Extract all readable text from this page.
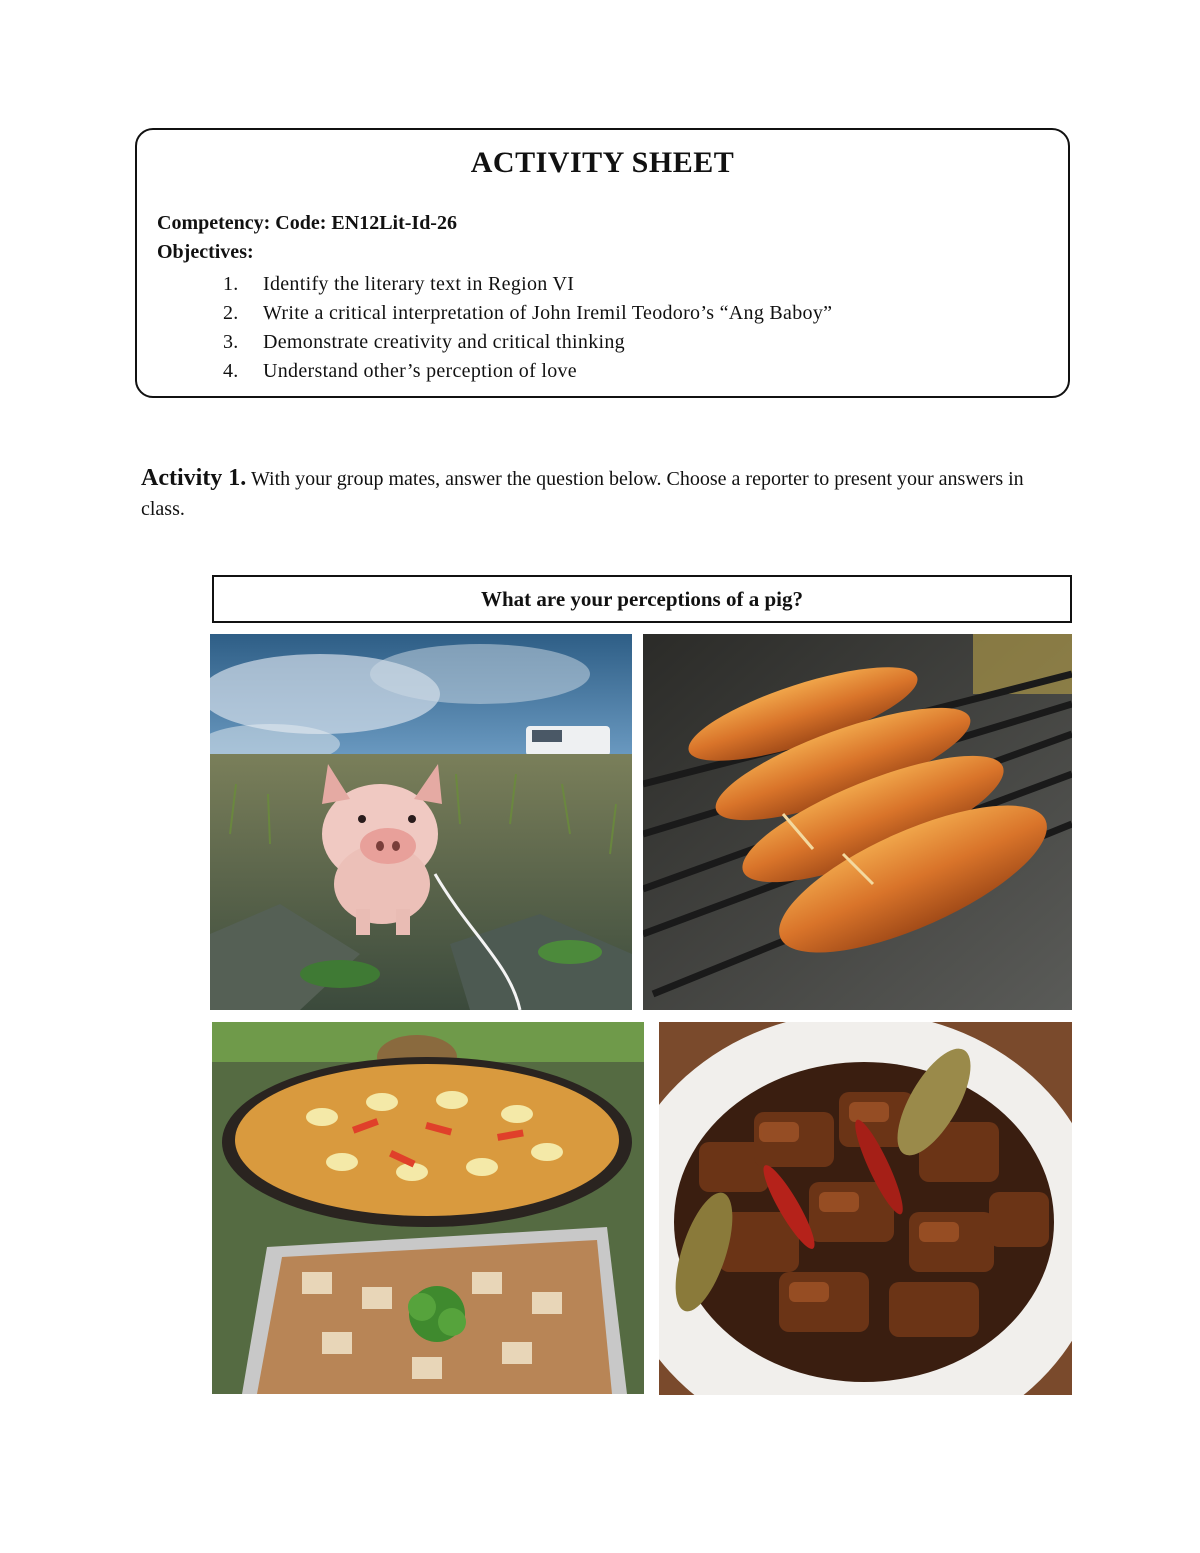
ACTIVITY SHEET
Competency: Code: EN12Lit-Id-26
Objectives:
1. Identify the literary text in Region VI
2. Write a critical interpretation of John Iremil Teodoro’s “Ang Baboy”
3. Demonstrate creativity and critical thinking
4. Understand other’s perception of love
Activity 1. With your group mates, answer the question below. Choose a reporter to present your answers in class.
What are your perceptions of a pig?
